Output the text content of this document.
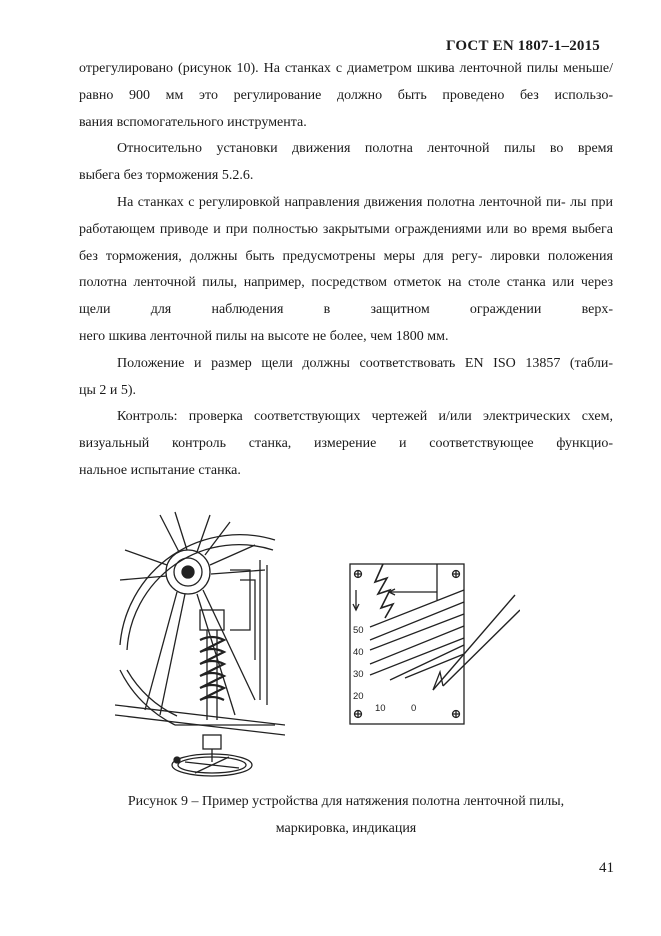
ГОСТ EN 1807-1–2015

отрегулировано (рисунок 10). На станках с диаметром шкива ленточной пилы меньше/равно 900 мм это регулирование должно быть проведено без использо-

вания вспомогательного инструмента.

Относительно установки движения полотна ленточной пилы во время

выбега без торможения 5.2.6.

На станках с регулировкой направления движения полотна ленточной пи- лы при работающем приводе и при полностью закрытыми ограждениями или во время выбега без торможения, должны быть предусмотрены меры для регу- лировки положения полотна ленточной пилы, например, посредством отметок на столе станка или через щели для наблюдения в защитном ограждении верх-

него шкива ленточной пилы на высоте не более, чем 1800 мм.

Положение и размер щели должны соответствовать EN ISO 13857 (табли-

цы 2 и 5).

Контроль: проверка соответствующих чертежей и/или электрических схем, визуальный контроль станка, измерение и соответствующее функцио-

нальное испытание станка.

50
40
30
20
10	0
Рисунок 9 – Пример устройства для натяжения полотна ленточной пилы,
маркировка, индикация
41
